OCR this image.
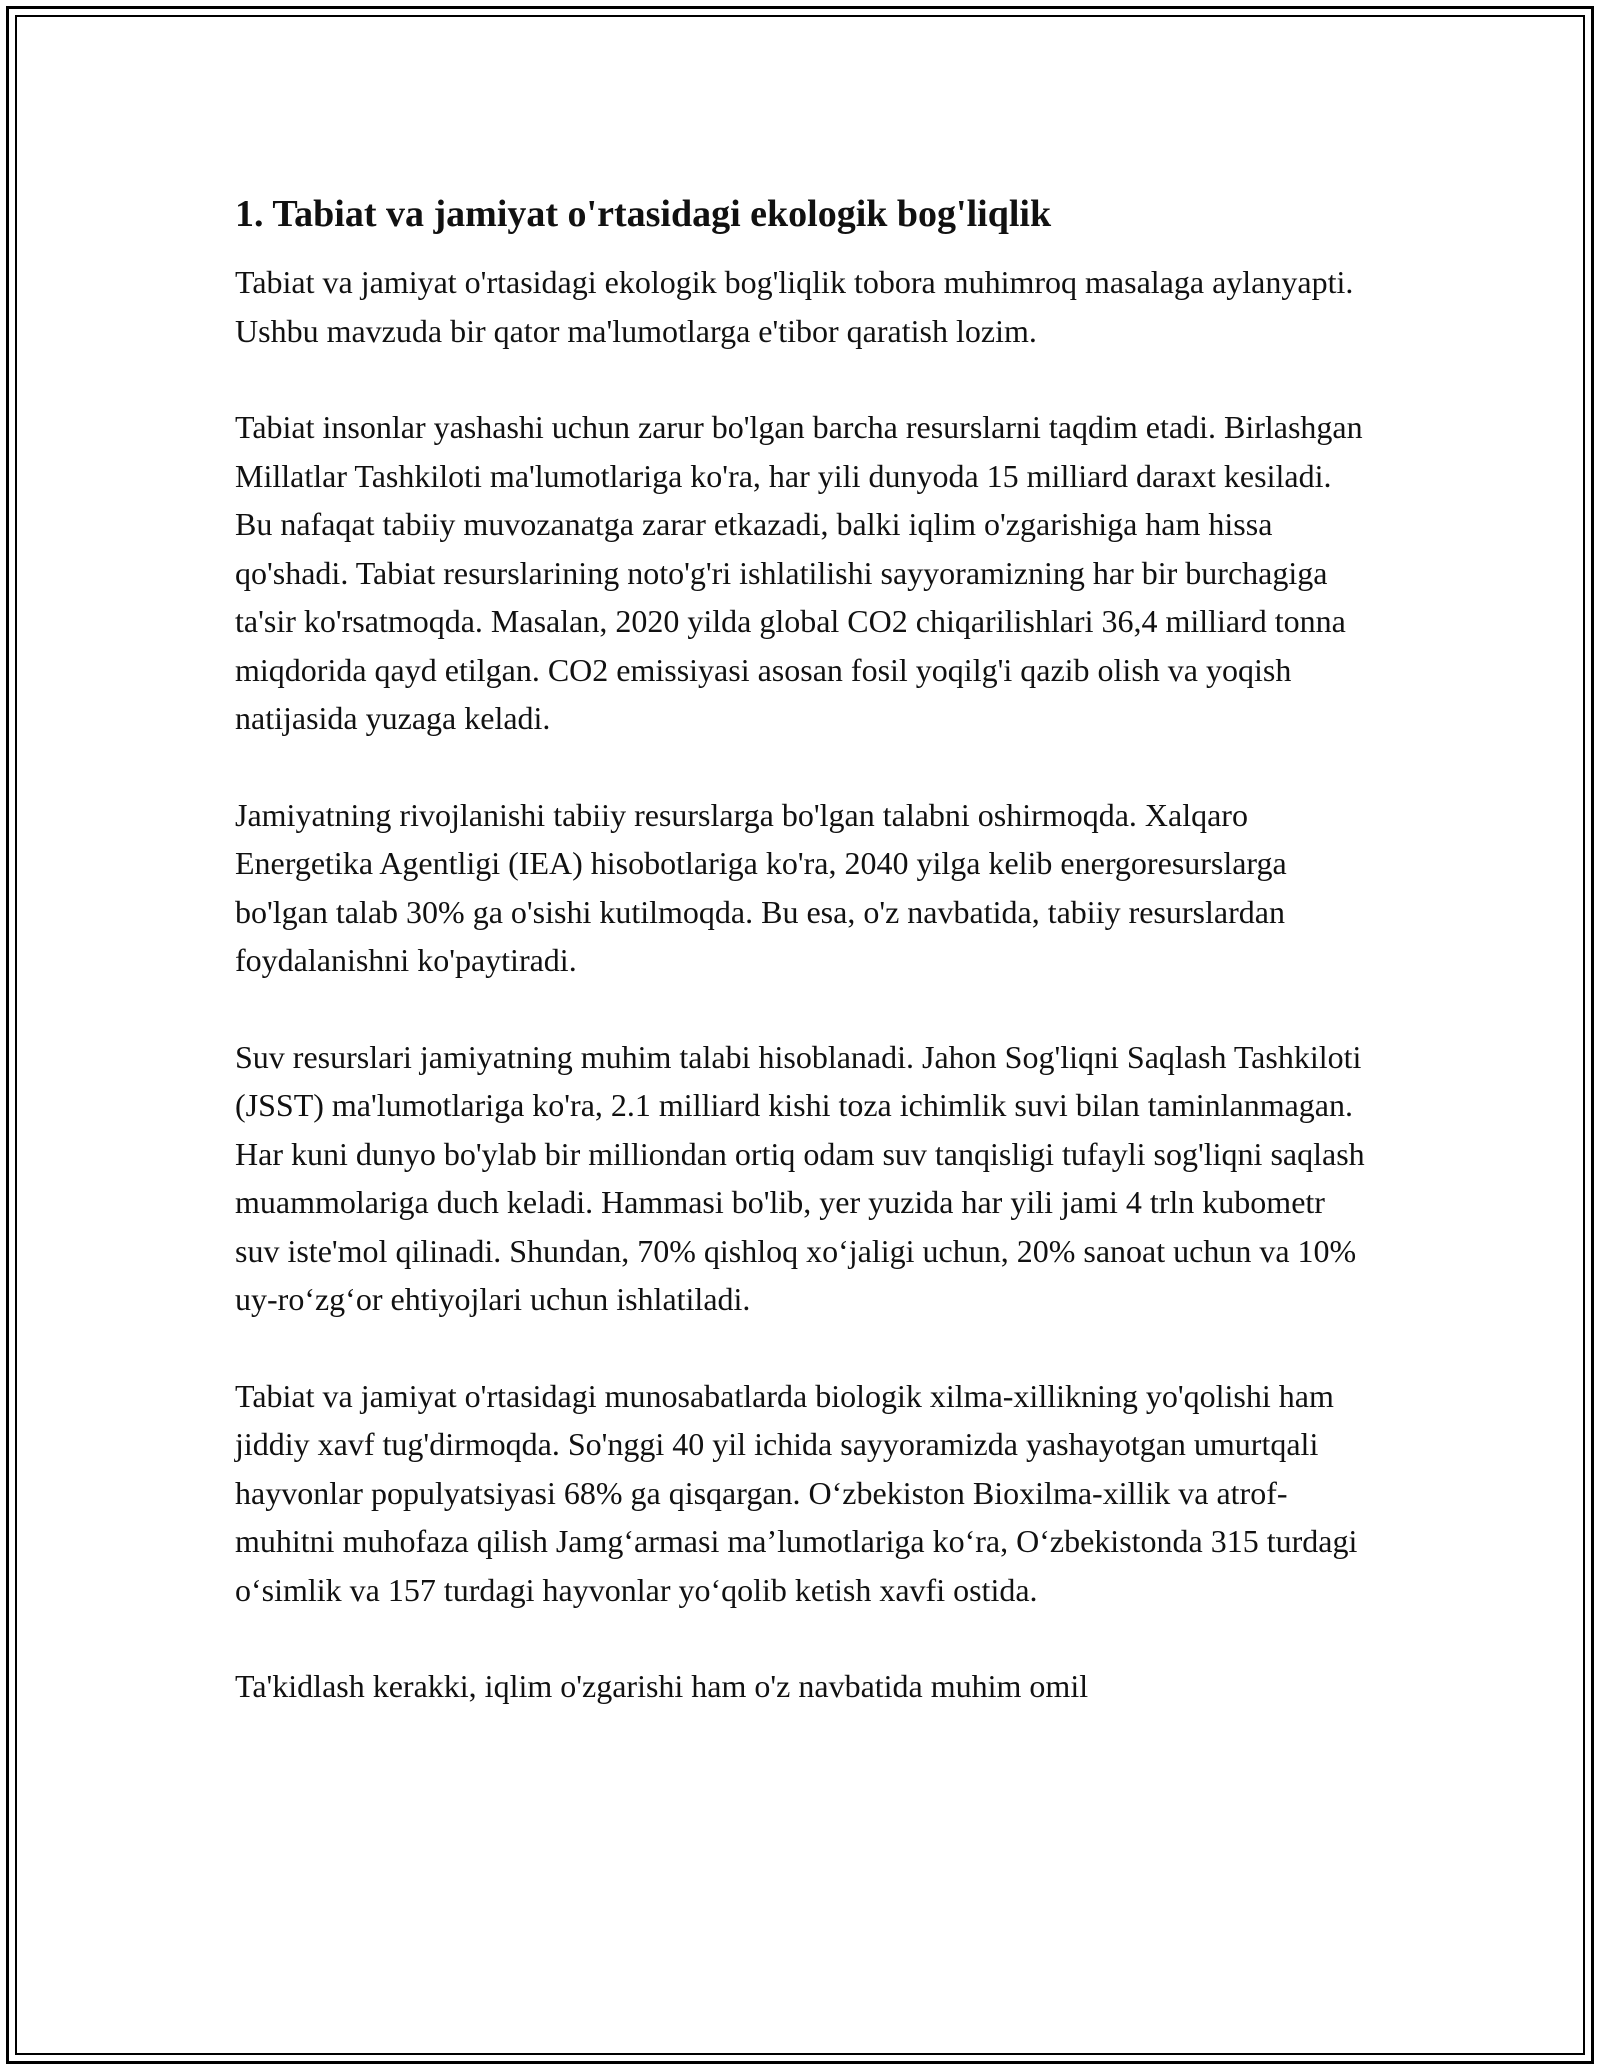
1. Tabiat va jamiyat o'rtasidagi ekologik bog'liqlik

Tabiat va jamiyat o'rtasidagi ekologik bog'liqlik tobora muhimroq masalaga aylanyapti. Ushbu mavzuda bir qator ma'lumotlarga e'tibor qaratish lozim.

Tabiat insonlar yashashi uchun zarur bo'lgan barcha resurslarni taqdim etadi. Birlashgan Millatlar Tashkiloti ma'lumotlariga ko'ra, har yili dunyoda 15 milliard daraxt kesiladi. Bu nafaqat tabiiy muvozanatga zarar etkazadi, balki iqlim o'zgarishiga ham hissa qo'shadi. Tabiat resurslarining noto'g'ri ishlatilishi sayyoramizning har bir burchagiga ta'sir ko'rsatmoqda. Masalan, 2020 yilda global CO2 chiqarilishlari 36,4 milliard tonna miqdorida qayd etilgan. CO2 emissiyasi asosan fosil yoqilg'i qazib olish va yoqish natijasida yuzaga keladi.

Jamiyatning rivojlanishi tabiiy resurslarga bo'lgan talabni oshirmoqda. Xalqaro Energetika Agentligi (IEA) hisobotlariga ko'ra, 2040 yilga kelib energoresurslarga bo'lgan talab 30% ga o'sishi kutilmoqda. Bu esa, o'z navbatida, tabiiy resurslardan foydalanishni ko'paytiradi.

Suv resurslari jamiyatning muhim talabi hisoblanadi. Jahon Sog'liqni Saqlash Tashkiloti (JSST) ma'lumotlariga ko'ra, 2.1 milliard kishi toza ichimlik suvi bilan taminlanmagan. Har kuni dunyo bo'ylab bir milliondan ortiq odam suv tanqisligi tufayli sog'liqni saqlash muammolariga duch keladi. Hammasi bo'lib, yer yuzida har yili jami 4 trln kubometr suv iste'mol qilinadi. Shundan, 70% qishloq xo‘jaligi uchun, 20% sanoat uchun va 10% uy-ro‘zg‘or ehtiyojlari uchun ishlatiladi.

Tabiat va jamiyat o'rtasidagi munosabatlarda biologik xilma-xillikning yo'qolishi ham jiddiy xavf tug'dirmoqda. So'nggi 40 yil ichida sayyoramizda yashayotgan umurtqali hayvonlar populyatsiyasi 68% ga qisqargan. O‘zbekiston Bioxilma-xillik va atrof-muhitni muhofaza qilish Jamg‘armasi ma’lumotlariga ko‘ra, O‘zbekistonda 315 turdagi o‘simlik va 157 turdagi hayvonlar yo‘qolib ketish xavfi ostida.

Ta'kidlash kerakki, iqlim o'zgarishi ham o'z navbatida muhim omil
